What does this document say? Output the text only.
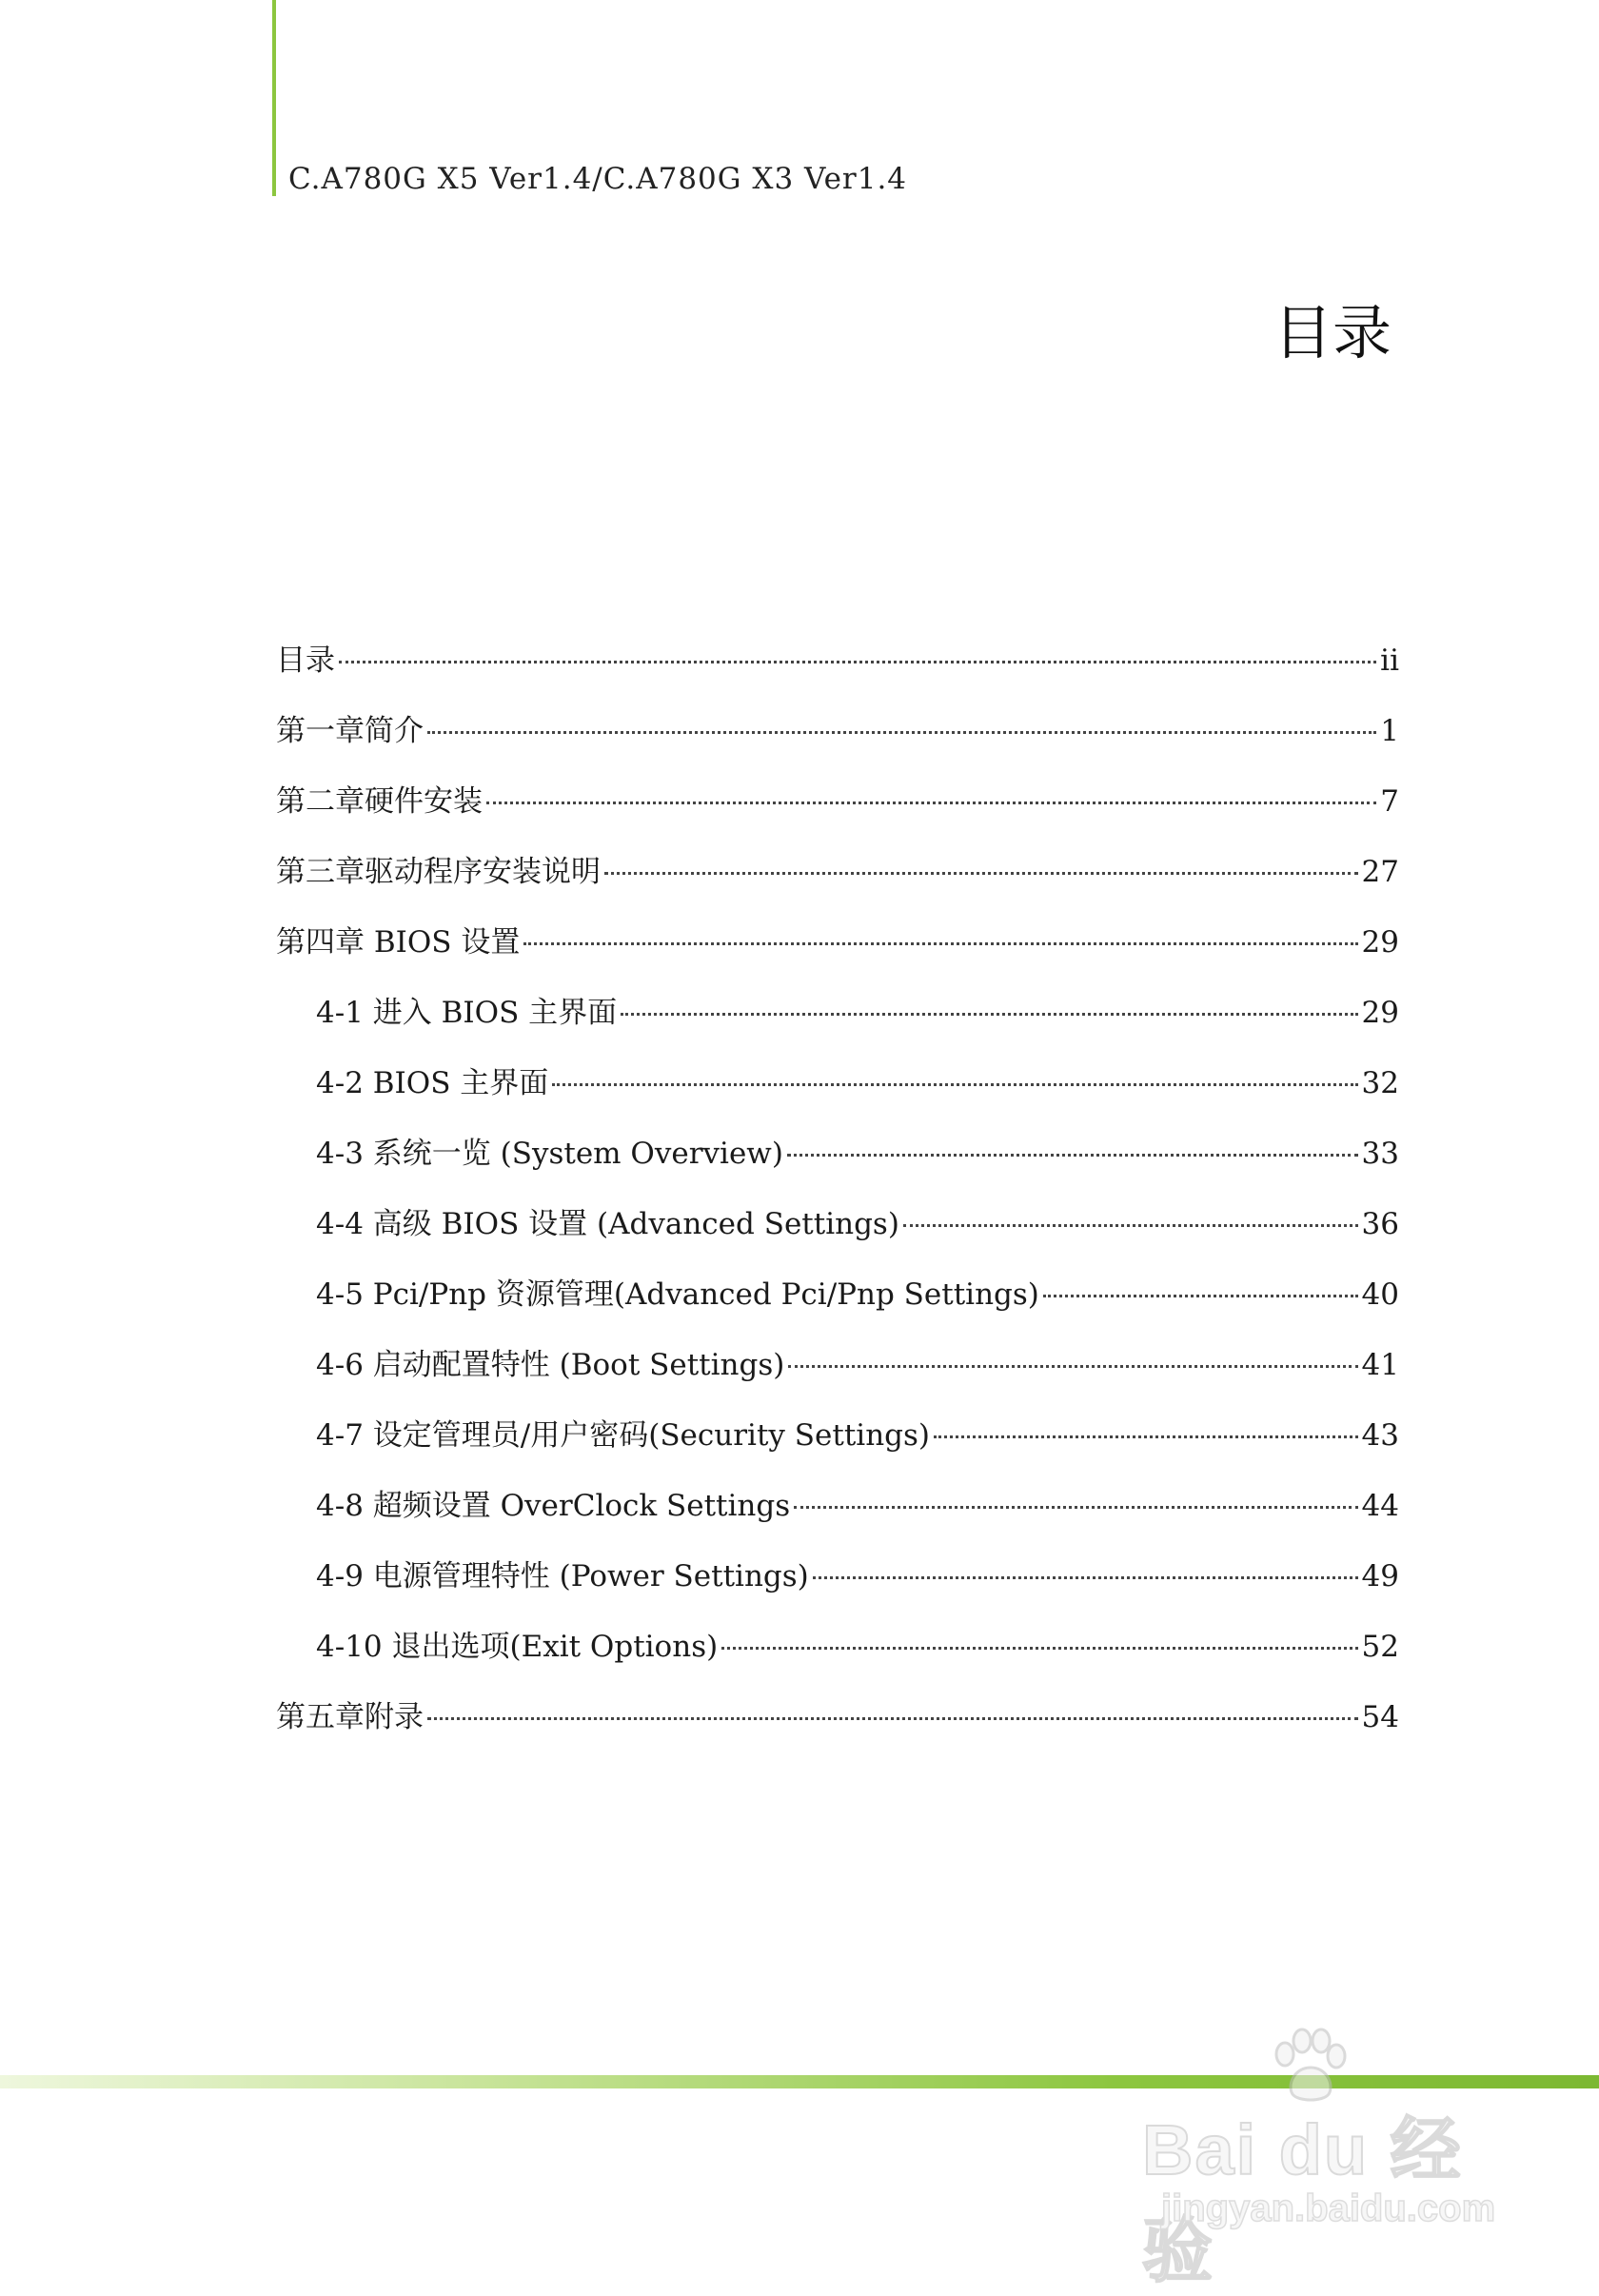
C.A780G X5 Ver1.4/C.A780G X3 Ver1.4
目录
目录	ii
第一章简介	1
第二章硬件安装	7
第三章驱动程序安装说明	27
第四章 BIOS 设置	29
4-1 进入 BIOS 主界面	29
4-2 BIOS 主界面	32
4-3 系统一览 (System Overview)	33
4-4 高级 BIOS 设置 (Advanced Settings)	36
4-5 Pci/Pnp 资源管理(Advanced Pci/Pnp Settings)	40
4-6 启动配置特性 (Boot Settings)	41
4-7 设定管理员/用户密码(Security Settings)	43
4-8 超频设置 OverClock Settings	44
4-9 电源管理特性 (Power Settings)	49
4-10 退出选项(Exit Options)	52
第五章附录	54
Bai du 经验
jingyan.baidu.com
